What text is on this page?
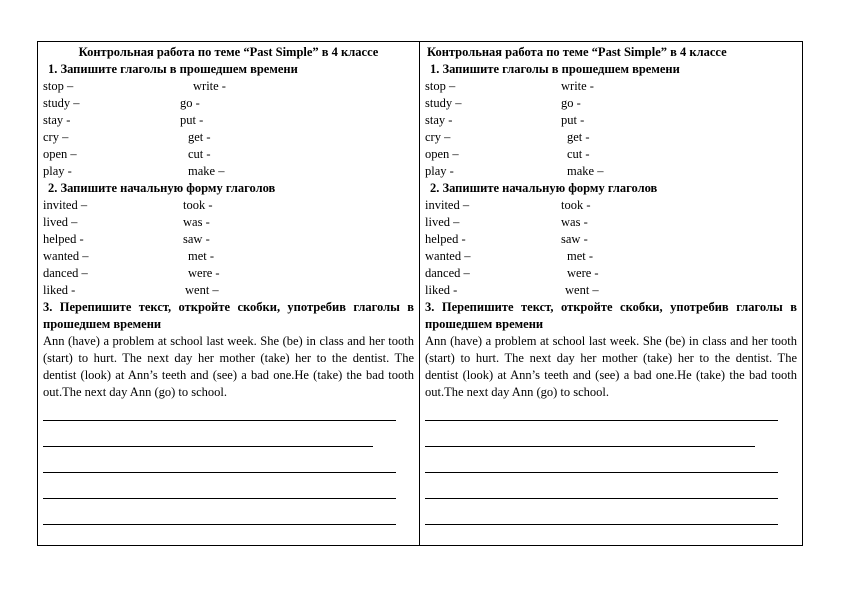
Контрольная работа по теме “Past Simple” в 4 классе
1. Запишите глаголы в прошедшем времени
stop –	write -
study –	go -
stay -	put -
cry –	get -
open –	cut -
play -	make –
2. Запишите начальную форму глаголов
invited –	took -
lived –	was -
helped -	saw -
wanted –	met -
danced –	were -
liked -	went –
3. Перепишите текст, откройте скобки, употребив глаголы в прошедшем времени
Ann (have) a problem at school last week. She (be) in class and her tooth (start) to hurt. The next day her mother (take) her to the dentist. The dentist (look) at Ann’s teeth and (see) a bad one.He (take) the bad tooth out.The next day Ann (go) to school.
Контрольная работа по теме “Past Simple” в 4 классе
1. Запишите глаголы в прошедшем времени
stop –	write -
study –	go -
stay -	put -
cry –	get -
open –	cut -
play -	make –
2. Запишите начальную форму глаголов
invited –	took -
lived –	was -
helped -	saw -
wanted –	met -
danced –	were -
liked -	went –
3. Перепишите текст, откройте скобки, употребив глаголы в прошедшем времени
Ann (have) a problem at school last week. She (be) in class and her tooth (start) to hurt. The next day her mother (take) her to the dentist. The dentist (look) at Ann’s teeth and (see) a bad one.He (take) the bad tooth out.The next day Ann (go) to school.
